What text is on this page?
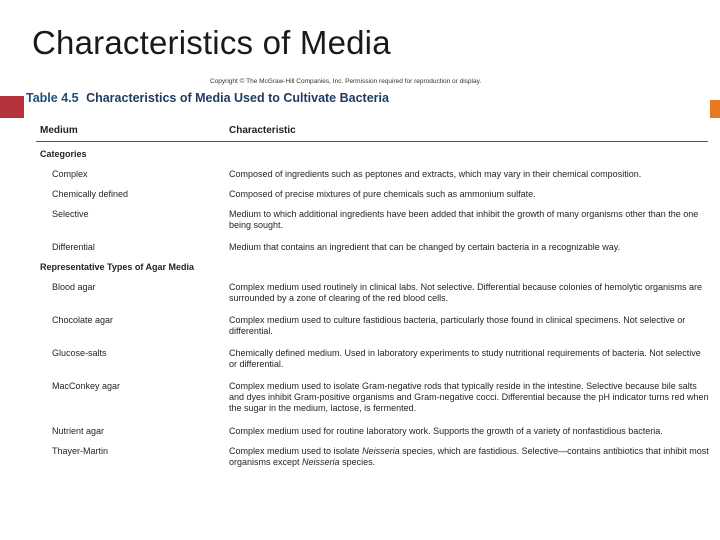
Characteristics of Media
Copyright © The McGraw-Hill Companies, Inc. Permission required for reproduction or display.
Table 4.5 Characteristics of Media Used to Cultivate Bacteria
Medium	Characteristic
Categories
Complex	Composed of ingredients such as peptones and extracts, which may vary in their chemical composition.
Chemically defined	Composed of precise mixtures of pure chemicals such as ammonium sulfate.
Selective	Medium to which additional ingredients have been added that inhibit the growth of many organisms other than the one being sought.
Differential	Medium that contains an ingredient that can be changed by certain bacteria in a recognizable way.
Representative Types of Agar Media
Blood agar	Complex medium used routinely in clinical labs. Not selective. Differential because colonies of hemolytic organisms are surrounded by a zone of clearing of the red blood cells.
Chocolate agar	Complex medium used to culture fastidious bacteria, particularly those found in clinical specimens. Not selective or differential.
Glucose-salts	Chemically defined medium. Used in laboratory experiments to study nutritional requirements of bacteria. Not selective or differential.
MacConkey agar	Complex medium used to isolate Gram-negative rods that typically reside in the intestine. Selective because bile salts and dyes inhibit Gram-positive organisms and Gram-negative cocci. Differential because the pH indicator turns red when the sugar in the medium, lactose, is fermented.
Nutrient agar	Complex medium used for routine laboratory work. Supports the growth of a variety of nonfastidious bacteria.
Thayer-Martin	Complex medium used to isolate Neisseria species, which are fastidious. Selective—contains antibiotics that inhibit most organisms except Neisseria species.
